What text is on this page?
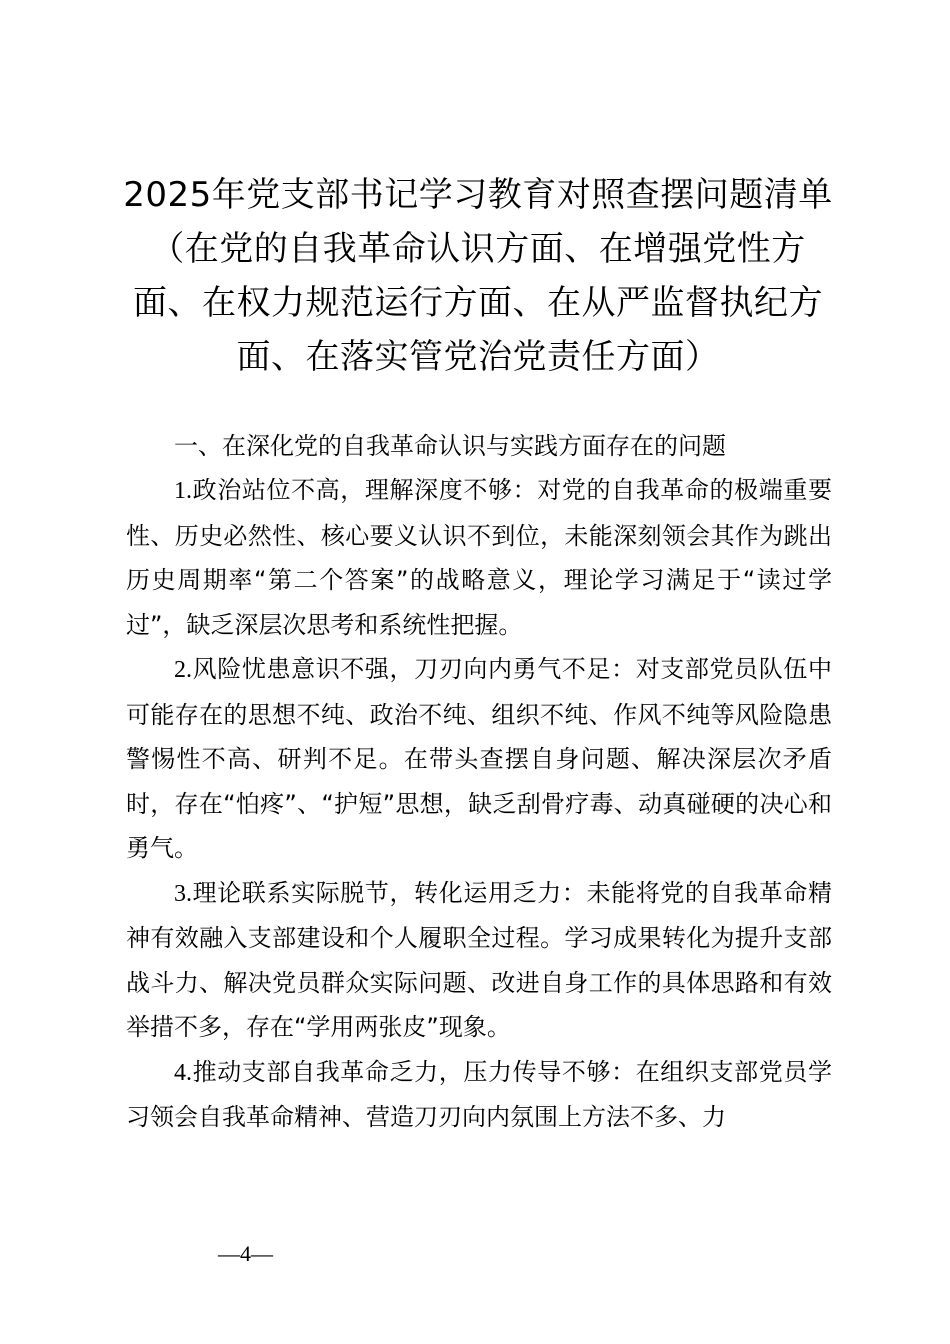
2025年党支部书记学习教育对照查摆问题清单（在党的自我革命认识方面、在增强党性方面、在权力规范运行方面、在从严监督执纪方面、在落实管党治党责任方面）

一、在深化党的自我革命认识与实践方面存在的问题

1.政治站位不高，理解深度不够：对党的自我革命的极端重要性、历史必然性、核心要义认识不到位，未能深刻领会其作为跳出历史周期率“第二个答案”的战略意义，理论学习满足于“读过学过”，缺乏深层次思考和系统性把握。

2.风险忧患意识不强，刀刃向内勇气不足：对支部党员队伍中可能存在的思想不纯、政治不纯、组织不纯、作风不纯等风险隐患警惕性不高、研判不足。在带头查摆自身问题、解决深层次矛盾时，存在“怕疼”、“护短”思想，缺乏刮骨疗毒、动真碰硬的决心和勇气。

3.理论联系实际脱节，转化运用乏力：未能将党的自我革命精神有效融入支部建设和个人履职全过程。学习成果转化为提升支部战斗力、解决党员群众实际问题、改进自身工作的具体思路和有效举措不多，存在“学用两张皮”现象。

4.推动支部自我革命乏力，压力传导不够：在组织支部党员学习领会自我革命精神、营造刀刃向内氛围上方法不多、力

—4—
